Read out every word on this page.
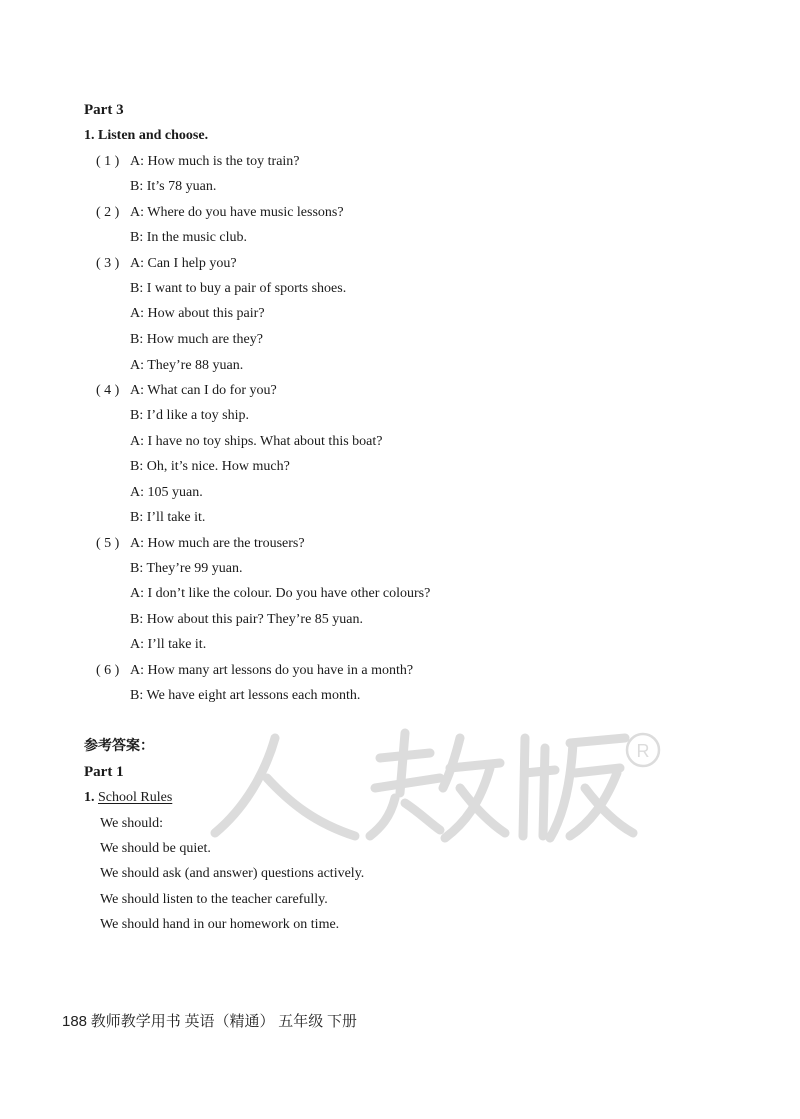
R
Part 3
1. Listen and choose.
( 1 ) A: How much is the toy train?
B: It’s 78 yuan.
( 2 ) A: Where do you have music lessons?
B: In the music club.
( 3 ) A: Can I help you?
B: I want to buy a pair of sports shoes.
A: How about this pair?
B: How much are they?
A: They’re 88 yuan.
( 4 ) A: What can I do for you?
B: I’d like a toy ship.
A: I have no toy ships. What about this boat?
B: Oh, it’s nice. How much?
A: 105 yuan.
B: I’ll take it.
( 5 ) A: How much are the trousers?
B: They’re 99 yuan.
A: I don’t like the colour. Do you have other colours?
B: How about this pair? They’re 85 yuan.
A: I’ll take it.
( 6 ) A: How many art lessons do you have in a month?
B: We have eight art lessons each month.
参考答案：
Part 1
1. School Rules
We should:
We should be quiet.
We should ask (and answer) questions actively.
We should listen to the teacher carefully.
We should hand in our homework on time.
188 教师教学用书 英语（精通） 五年级 下册
